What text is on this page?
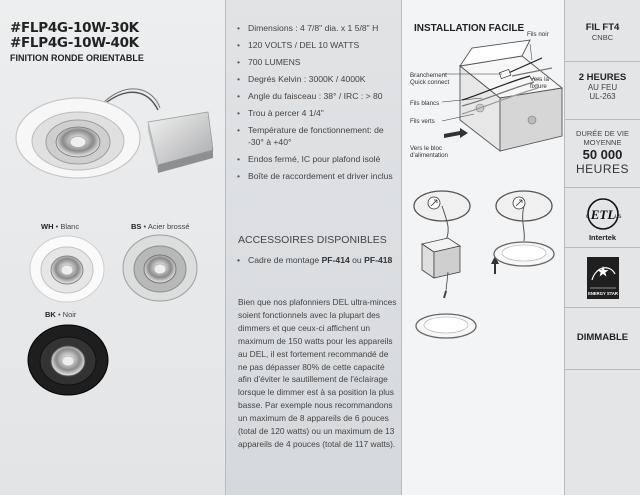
#FLP4G-10W-30K
#FLP4G-10W-40K
FINITION RONDE ORIENTABLE
WH • Blanc	BS • Acier brossé
BK • Noir
• Dimensions : 4 7/8" dia. x 1 5/8" H
• 120 VOLTS / DEL 10 WATTS
• 700 LUMENS
• Degrés Kelvin : 3000K / 4000K
• Angle du faisceau : 38° / IRC : > 80
• Trou à percer 4 1/4"
• Température de fonctionnement: de -30° à +40°
• Endos fermé, IC pour plafond isolé
• Boîte de raccordement et driver inclus
ACCESSOIRES DISPONIBLES
• Cadre de montage PF-414 ou PF-418
Bien que nos plafonniers DEL ultra-minces soient fonctionnels avec la plupart des dimmers et que ceux-ci affichent un maximum de 150 watts pour les appareils au DEL, il est fortement recommandé de ne pas dépasser 80% de cette capacité afin d'éviter le sautillement de l'éclairage lorsque le dimmer est à sa position la plus basse. Par exemple nous recommandons un maximum de 8 appareils de 6 pouces (total de 120 watts) ou un maximum de 13 appareils de 4 pouces (total de 117 watts).
INSTALLATION FACILE
Branchement Quick connect
Fils noir
Vers la fixture
Fils blancs
Fils verts
Vers le bloc d'alimentation
FIL FT4
CNBC
2 HEURES
AU FEU
UL-263
DURÉE DE VIE
MOYENNE
50 000
HEURES
ETL
c	us
Intertek
ENERGY STAR
DIMMABLE
